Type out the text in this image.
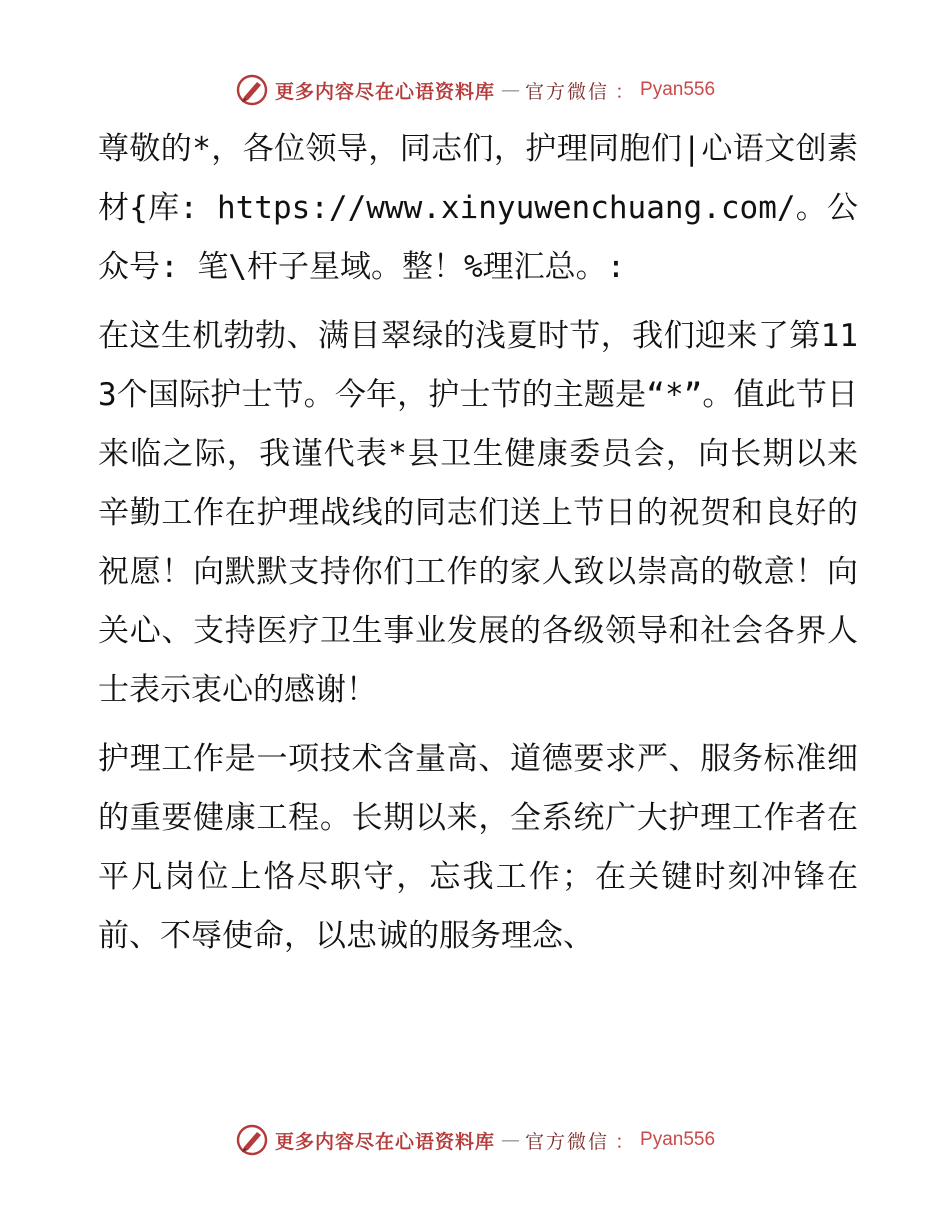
更多内容尽在心语资料库 — 官方微信 ： Pyan556

尊敬的*，各位领导，同志们，护理同胞们|心语文创素材{库: https://www.xinyuwenchuang.com/。公众号: 笔\杆子星域。整！%理汇总。:

在这生机勃勃、满目翠绿的浅夏时节，我们迎来了第113个国际护士节。今年，护士节的主题是“*”。值此节日来临之际，我谨代表*县卫生健康委员会，向长期以来辛勤工作在护理战线的同志们送上节日的祝贺和良好的祝愿！向默默支持你们工作的家人致以崇高的敬意！向关心、支持医疗卫生事业发展的各级领导和社会各界人士表示衷心的感谢！

护理工作是一项技术含量高、道德要求严、服务标准细的重要健康工程。长期以来，全系统广大护理工作者在平凡岗位上恪尽职守，忘我工作；在关键时刻冲锋在前、不辱使命，以忠诚的服务理念、

更多内容尽在心语资料库 — 官方微信 ： Pyan556
